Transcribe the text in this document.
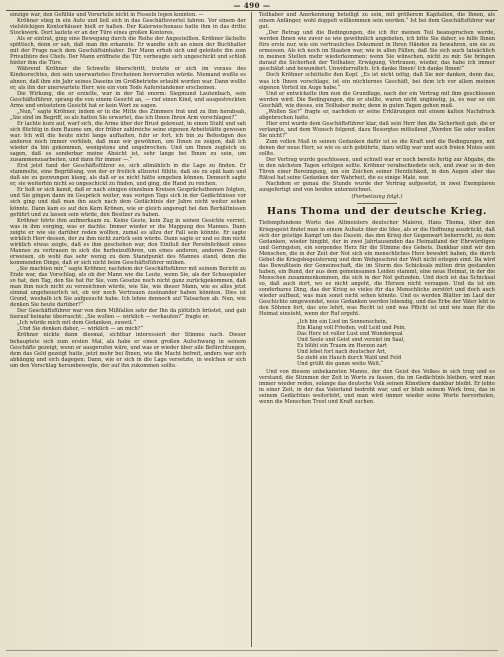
— 490 —

einzige war, den Gefühle und Vorurteile nicht in Fesseln legen konnten. —

Kröhner stieg in ein Auto und ließ sich in das Geschäftsviertel fahren. Vor einem der vielstöckigen Kontorhäuser hielt er halten. Der Kalerwischonaus hatte ihm in das dritte Stockwerk. Dort lautete er an der Türe eines großen Kontores.

Als er eintrat, ging eine Bewegung durch die Reihe der Angestellten. Kröhner lächelte spöttisch, denn er sah, daß man ihn erkannte. Er wandte sich an einen der Buchhalter mit der Frage nach dem Geschäftsinhaber. Der Mann erhob sich und geleitete ihn zum Privatbüro des Chefs. Der Mann eröffnete die Tür, verbeugte sich ungeschickt und schloß hinter ihm die Türe.

Während Kröhner die Schwelle überschritt, trotzte er sich im voraus des Kindesrechtes, den sein unerwartetes Erscheinen hervorrufen würde. Niemand wußte es ahnen, daß ihm ein Jahr seines Daseins im Großbetriebe erlaubt worden war. Dann wollte er, als ihn der unerwartete Herr, wie ein vom Tode Auferstandener erscheinen.

Die Wirkung, die er erzielte, war in der Tat enorm: Siegmund Lautenbach, sein Geschäftsführer, sprang die von einem Gesicht an, — rief einen Kind, und ausgestreckten Arms und entsetztem Gesicht hat er kein Wort zu sagen.

„Nun,“ sagte Kröhner, indem er in die Mitte des Zimmers trat und zu ihm herabsah, „Sie sind im Begriff, so als hatten Sie erwartet, das ich Ihnen Ihren Arm verschlagen?“

Er lachte kurz auf, warf sich, die Arme über der Brust gekreuzt, in einen Stuhl und sah sich flüchtig in dem Raume um, der früher zahlreiche seine eigenen Arbeitstätte gewesen war. Ich will die heute nicht lange aufhalten, fuhr er fort, ich bin zu Befestigen des anderen noch immer verblieb, daß man wir gewöhnen, um Ihnen zu zeigen, daß ich wieder da bin gekommen, wenigstens und ungebrochen. Und um Ihnen zugleich zu sagen, daß es sonderbar meine Absicht ist, sehr lange bei Ihnen zu sein, um zusammenzuarbeiten, und dann für immer —.“

Erst jetzt fand der Geschäftsführer es, sich allmählich in die Lage zu finden. Er stammelte, eine Begrüßung, von der er freilich allzuviel fühlte, daß sie zu spät kam und daß sie zu gezwungen klang, als daß er es nicht hätte umgehen können. Dennoch sagte er, sie weiterhin nicht so ungeschickt zu finden, und ging, die Hand zu reichen.

Er holt er sich kamit, daß er nach einigen einzelnen Kreisen Gesprächsthemen folgten, und Sie gingen dann im Gespräch weiter, was vorigen Tags sich in der Gedächtnisse vor sich ging und daß man ihn auch nach dem Gedächtnis der Jahre nicht weiter sehen könnte. Dann kam es auf den Kern Krönen, wie er gleich angeregt bei den Berhältnissen geführt und zu lassen sein würde, den Besitzer zu haben.

Kröhner hörte ihm aufmerksam zu. Keine Geste, kein Zug in seinen Gesichte verriet, was in ihm vorging, was er dachte. Immer wieder er die Mappung des Mannes. Dann zeigte er wie sie darüber reden wollten, zumal es allzu der Fall sein könnte. Er sagte wirklich Herr dessen, der zu ihm nicht zurück sein würde. Dann sagte er und es ihm nicht wirklich etwas zeigte, daß es ihm geschehen war, den Einfluß der Persönlichkeit eines Mannes zu vertrauen in sich die herbeizuführen, um eines anderen, anderen Zwecks erweisen, ob wohl das sehr wenig zu dem Standpunkt des Mannes stand, denn die kommenden Dinge, daß er sich nicht beim Geschäftsführer mühen.

„Sie machten mir,“ sagte Kröhner, nachdem der Geschäftsführer mit seinem Bericht zu Ende war, das Vorschlag, als ob der Mann wie die Leute, wenn Sie, als der Schauspieler so hat, den Tag, den Sie hat für Sie, vom Gesetze noch nicht ganz zurückgekommen, daß man ihm noch nicht zu verzeichnen würde, wie Sie, wie dieser Mann, wie es alles jetzt einmal ungeheuerlich ist, ob wir noch Vertrauen zueinander haben könnten. Dies ist Grund, weshalb ich Sie aufgesucht habe. Ich lehne dennoch auf Tatsachen ab. Nun, wie denken Sie heute darüber?“

Der Geschäftsführer war von dem Mißfallen sehr der Ihn da plötzlich brüstet, und gab hierauf beinahe überrascht: „Sie wollen — wirklich — verkaufen?“ fragte er.

„Ich würde mich mit dem Gedanken, zuweit.“

„Und Sie denken daher, — wirklich — an mich?“

Kröhner nickte dann diesmal, sichtbar interessiert der Stimme nach. Dieser behauptete sich zum ersten Mal, als habe er einen großen Aufschwung in seinem Geschäfte gezeigt, wenn er ausgerufen wäre, und was er wieder über alle Befürchtungen, dem das Geld gezeigt hatte, jetzt mehr bei Ihnen, wie die Macht befreit, anders war sich abhängig und sich dagegen; Dann, wie er sich in die Lage versetzte, in welchen er sich um den Vorschlag herumbewegte, der auf ihn zukommen sollte.

Teilhaber und Anerkennung beteiligt zu sein, mit größerem Kapitalien, die Ihnen, als einem Anfänger, wohl doppelt willkommen sein werden.“ Ist bei dem Geschäftsführer war gut.

„Der Betrag und die Bedingungen, die ich für meinen Teil beanspruchen werde, werden Ihnen wie zuvor so wie gewöhnlich angeboten, ich bitte Sie daher, so hilfe Ihnen fürs erste nur, wie ein vertrauliches Dokument in Ihren Händen zu bewahren, um sie zu ermessen. Als ich noch im Staaten war, wie in allen Fällen, daß Sie sich auch tatsächlich in meinen Stellen mehr wiederkommen; wenn Sie wünschen, nicht zu mir. Sie bringen darauf die Sicherheit der Teilhaber, Erwägung, Vertrauen, wieder, das habe ich immer geschätzt und bewundert. Unwiderruflich. Ich danke Ihnen! Ich danke Ihnen!“

Doch Kröhner schüttelte den Kopf. „Es ist nicht nötig, daß Sie mir danken, denn das, was ich Ihnen vorschlage, ist ein nüchternes Geschäft, bei dem ich vor allem meinen eigenen Vorteil im Auge habe.“

Und er entwickelte ihm nun die Grundlage, nach der ein Vertrag mit ihm geschlossen werden wird. Die Bedingungen, die er stellte, waren nicht ungünstig, ja, es war so ein Geschäft, wie dieses, ein Teilhaber mehr, denn in guten Tagen gehen muß.

„Wollen Sie?“ fragte er, nachdem er seine Erklärungen mit einem kalten Nachdruck abgebrochen hatte.

Hier erst wurde dem Geschäftsführer klar, daß sein Herr ihm die Sicherheit gab, die er verlangte, und dem Wunsch folgend, dazu Besorgtes mitteilend „Werden Sie oder wollen Sie nicht?“

Zum vollen Maß in seinen Gedanken dafür ist es die Kraft und die Bedingungen, mit denen der neue Herr, so wie es sich gebührte, dazu willig war und auch freien Mutes sein sollte.

Der Vertrag wurde geschlossen, und schnell war er noch bereits fertig zur Abgabe, die in den nächsten Tagen erfolgen sollte. Kröhner verabschiedete sich, und zwar so in den Türen einer Bereinigung, um ein Zeichen seiner Herzlichkeit, in den Augen aber das Rätsel hat seine Gedanken der Wahrheit, die es einige Male, war.

Nachdem er genau die Stunde wurde der Vertrag aufgesetzt, in zwei Exemplaren ausgefertigt und von beiden unterzeichnet.

(Fortsetzung folgt.)
Hans Thoma und der deutsche Krieg.

Tiefempfundene Worte des Altmeisters deutscher Malerei, Hans Thoma, über den Kriegsgeist findet man in einem Aufsatz über die Idee, als er die Hoffnung ausdrückt, daß sich der geistige Kampf um das Dasein, das den Krieg der Gegenwart beherrscht, zu dem Gedanken, wieder hingibt, der in zwei Jahrtausenden das Heimatland der Ehrwürdigen und Geringsten, ein sorgendes Herz für die Stimme des Gebets. Dankbar sind wir den Menschen, die in der Zeit der Not sich ein menschliches Herz bewahrt haben, die durch Gebet die Kriegsbegeisterung und dem Wehgeschrei der Welt nicht erlegen sind. Da wird das Bewußtsein der Gemeinschaft, die im Sturm des Schicksals mitten drin gestanden haben, ein Bund, der aus dem gemeinsamen Leiden stammt, eine neue Heimat, in der die Menschen zusammenkommen, die sich in der Not gefunden. Und doch ist das Schicksal so, daß auch dort, wo es nicht angeht, die Herzen nicht verzagen. Und da ist ein sonderbares Ding, das der Krieg so vieles für das Menschliche zerstört und doch auch wieder aufbaut, was man sonst nicht sehen könnte. Und es werden Blätter im Lauf der Geschichte umgewendet, neue Gedanken werden lebendig, und das Erbe der Väter lebt in den Söhnen fort, das uns lehrt, was Recht ist und was Pflicht ist und wie man für die Heimat einsteht, wenn der Ruf ergeht.

„Ich bin ein Lied im Sonnenschein,
Ein Klang voll Frieden, voll Leid und Pein,
Das Herz ist voller Lust und Wunderqual
Und Seele und Geist sind vereint im Saal,
Es blüht ein Traum im Herzen zart
Und lebet fort nach deutscher Art,
So zieht ein Hauch durch Wald und Feld
Und grüßt die ganze weite Welt.“

Und von diesem unbekannten Manne, der den Geist des Volkes in sich trug und es verstand, die Stimmen der Zeit in Worte zu fassen, die im Gedächtnis bleiben, wird man immer wieder reden, solange das deutsche Volk seinen Künstlern dankbar bleibt. Er lebte in einer Zeit, in der das Vaterland bedroht war, und er blieb seinem Werk treu, das in seinem Gedächtnis weiterlebt, und man wird immer wieder seine Worte hervorholen, wenn die Menschen Trost und Kraft suchen.
